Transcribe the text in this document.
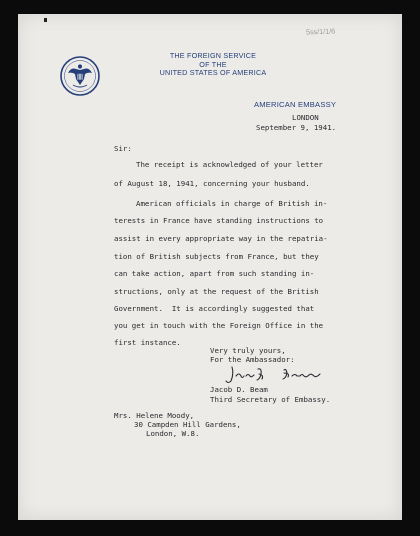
5ss/1/1/6
THE FOREIGN SERVICE
OF THE
UNITED STATES OF AMERICA
AMERICAN EMBASSY
LONDON
September 9, 1941.
Sir:
The receipt is acknowledged of your letter
of August 18, 1941, concerning your husband.
American officials in charge of British in-
terests in France have standing instructions to
assist in every appropriate way in the repatria-
tion of British subjects from France, but they
can take action, apart from such standing in-
structions, only at the request of the British
Government.  It is accordingly suggested that
you get in touch with the Foreign Office in the
first instance.
Very truly yours,
For the Ambassador:
Jacob D. Beam
Third Secretary of Embassy.
Mrs. Helene Moody,
30 Campden Hill Gardens,
London, W.8.
